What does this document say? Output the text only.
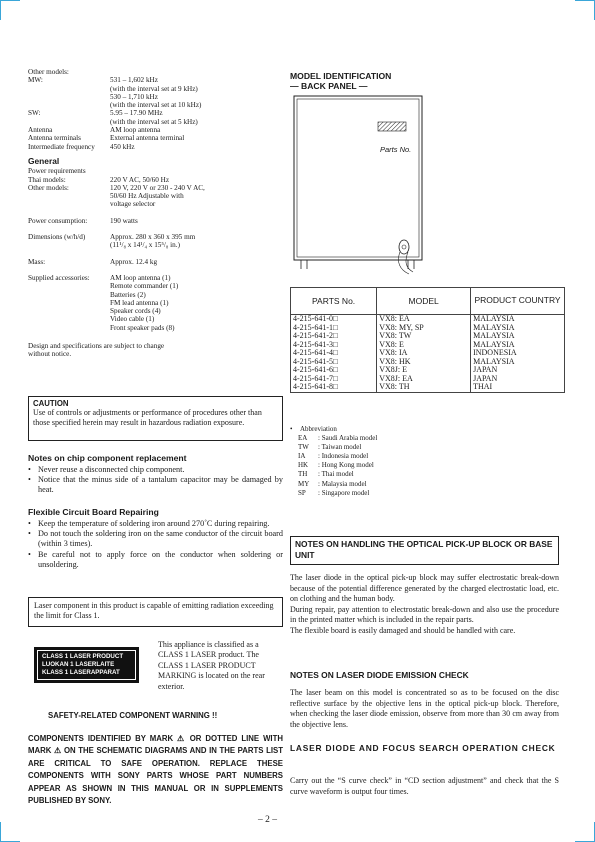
Other models:
MW:	531 – 1,602 kHz
(with the interval set at 9 kHz)
530 – 1,710 kHz
(with the interval set at 10 kHz)
SW:	5.95 – 17.90 MHz
(with the interval set at 5 kHz)
Antenna	AM loop antenna
Antenna terminals	External antenna terminal
Intermediate frequency	450 kHz
General
Power requirements
Thai models:	220 V AC, 50/60 Hz
Other models:	120 V, 220 V or 230 - 240 V AC, 50/60 Hz Adjustable with voltage selector
Power consumption:	190 watts
Dimensions (w/h/d)	Approx. 280 x 360 x 395 mm
(11¹/₈ x 14¹/₄ x 15⁵/₈ in.)
Mass:	Approx. 12.4 kg
Supplied accessories:	AM loop antenna (1)
Remote commander (1)
Batteries (2)
FM lead antenna (1)
Speaker cords (4)
Video cable (1)
Front speaker pads (8)
Design and specifications are subject to change without notice.
CAUTION
Use of controls or adjustments or performance of procedures other than those specified herein may result in hazardous radiation exposure.
Notes on chip component replacement
• Never reuse a disconnected chip component.
• Notice that the minus side of a tantalum capacitor may be damaged by heat.
Flexible Circuit Board Repairing
• Keep the temperature of soldering iron around 270˚C during repairing.
• Do not touch the soldering iron on the same conductor of the circuit board (within 3 times).
• Be careful not to apply force on the conductor when soldering or unsoldering.
Laser component in this product is capable of emitting radiation exceeding the limit for Class 1.
CLASS 1 LASER PRODUCT
LUOKAN 1 LASERLAITE
KLASS 1 LASERAPPARAT
This appliance is classified as a CLASS 1 LASER product. The CLASS 1 LASER PRODUCT MARKING is located on the rear exterior.
SAFETY-RELATED COMPONENT WARNING !!
COMPONENTS IDENTIFIED BY MARK ⚠ OR DOTTED LINE WITH MARK ⚠ ON THE SCHEMATIC DIAGRAMS AND IN THE PARTS LIST ARE CRITICAL TO SAFE OPERATION. REPLACE THESE COMPONENTS WITH SONY PARTS WHOSE PART NUMBERS APPEAR AS SHOWN IN THIS MANUAL OR IN SUPPLEMENTS PUBLISHED BY SONY.
MODEL IDENTIFICATION
— BACK PANEL —
Parts No.
PARTS No.	MODEL	PRODUCT COUNTRY
4-215-641-0□	VX8: EA	MALAYSIA
4-215-641-1□	VX8: MY, SP	MALAYSIA
4-215-641-2□	VX8: TW	MALAYSIA
4-215-641-3□	VX8: E	MALAYSIA
4-215-641-4□	VX8: IA	INDONESIA
4-215-641-5□	VX8: HK	MALAYSIA
4-215-641-6□	VX8J: E	JAPAN
4-215-641-7□	VX8J: EA	JAPAN
4-215-641-8□	VX8: TH	THAI
•	Abbreviation
EA	: Saudi Arabia model
TW	: Taiwan model
IA	: Indonesia model
HK	: Hong Kong model
TH	: Thai model
MY	: Malaysia model
SP	: Singapore model
NOTES ON HANDLING THE OPTICAL PICK-UP BLOCK OR BASE UNIT
The laser diode in the optical pick-up block may suffer electrostatic break-down because of the potential difference generated by the charged electrostatic load, etc. on clothing and the human body.
During repair, pay attention to electrostatic break-down and also use the procedure in the printed matter which is included in the repair parts.
The flexible board is easily damaged and should be handled with care.
NOTES ON LASER DIODE EMISSION CHECK
The laser beam on this model is concentrated so as to be focused on the disc reflective surface by the objective lens in the optical pick-up block. Therefore, when checking the laser diode emission, observe from more than 30 cm away from the objective lens.
LASER DIODE AND FOCUS SEARCH OPERATION CHECK
Carry out the “S curve check” in “CD section adjustment” and check that the S curve waveform is output four times.
– 2 –
